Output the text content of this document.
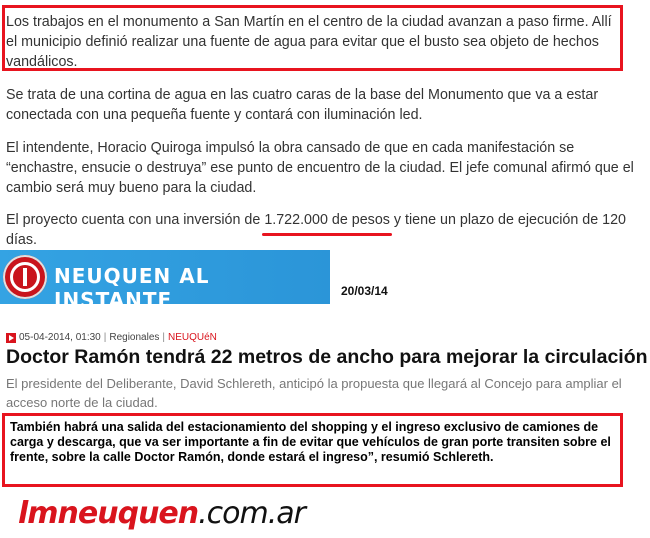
Los trabajos en el monumento a San Martín en el centro de la ciudad avanzan a paso firme. Allí el municipio definió realizar una fuente de agua para evitar que el busto sea objeto de hechos vandálicos.

Se trata de una cortina de agua en las cuatro caras de la base del Monumento que va a estar conectada con una pequeña fuente y contará con iluminación led.

El intendente, Horacio Quiroga impulsó la obra cansado de que en cada manifestación se “enchastre, ensucie o destruya” ese punto de encuentro de la ciudad. El jefe comunal afirmó que el cambio será muy bueno para la ciudad.

El proyecto cuenta con una inversión de 1.722.000 de pesos
y tiene un plazo de ejecución de 120 días.

NEUQUEN AL INSTANTE	20/03/14
05-04-2014, 01:30 | Regionales | NEUQUéN
Doctor Ramón tendrá 22 metros de ancho para mejorar la circulación
El presidente del Deliberante, David Schlereth, anticipó la propuesta que llegará al Concejo para ampliar el acceso norte de la ciudad.
También habrá una salida del estacionamiento del shopping y el ingreso exclusivo de camiones de carga y descarga, que va ser importante a fin de evitar que vehículos de gran porte transiten sobre el frente, sobre la calle Doctor Ramón, donde estará el ingreso”, resumió Schlereth.
lmneuquen.com.ar
